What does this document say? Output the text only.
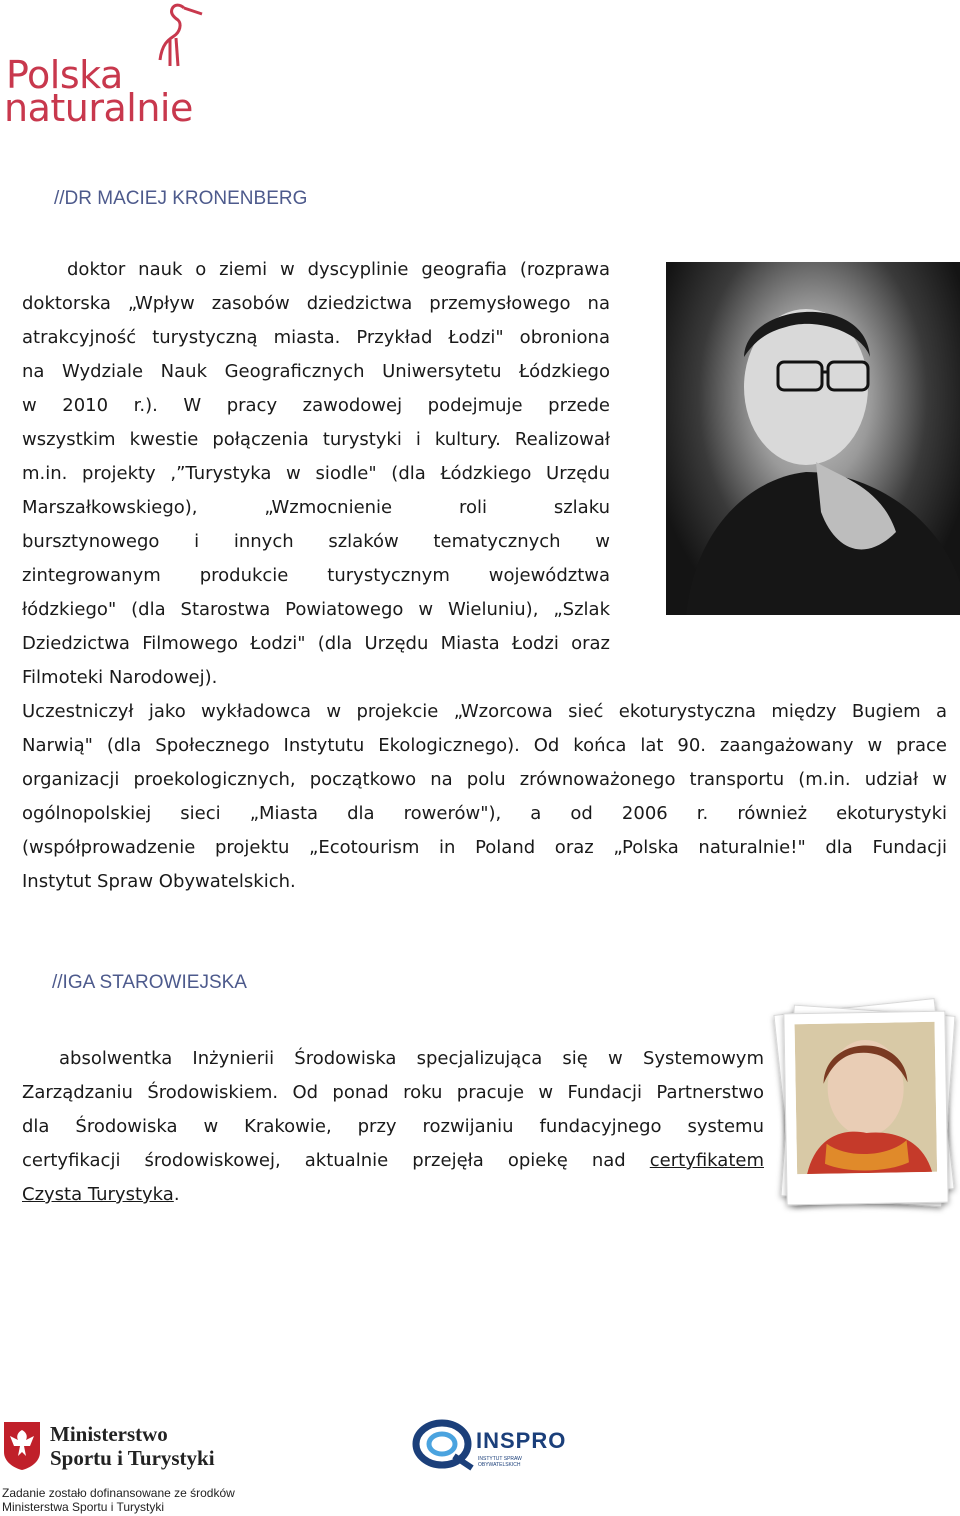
Polska
naturalnie
//DR MACIEJ KRONENBERG

doktor nauk o ziemi w dyscyplinie geografia (rozprawa
doktorska „Wpływ zasobów dziedzictwa przemysłowego na
atrakcyjność turystyczną miasta. Przykład Łodzi" obroniona
na Wydziale Nauk Geograficznych Uniwersytetu Łódzkiego
w 2010 r.). W pracy zawodowej podejmuje przede
wszystkim kwestie połączenia turystyki i kultury. Realizował
m.in. projekty ,”Turystyka w siodle" (dla Łódzkiego Urzędu
Marszałkowskiego), „Wzmocnienie roli szlaku
bursztynowego i innych szlaków tematycznych w
zintegrowanym produkcie turystycznym województwa
łódzkiego" (dla Starostwa Powiatowego w Wieluniu), „Szlak
Dziedzictwa Filmowego Łodzi" (dla Urzędu Miasta Łodzi oraz
Filmoteki Narodowej).

Uczestniczył jako wykładowca w projekcie „Wzorcowa sieć ekoturystyczna między Bugiem a
Narwią" (dla Społecznego Instytutu Ekologicznego). Od końca lat 90. zaangażowany w prace
organizacji proekologicznych, początkowo na polu zrównoważonego transportu (m.in. udział w
ogólnopolskiej sieci „Miasta dla rowerów"), a od 2006 r. również ekoturystyki
(współprowadzenie projektu „Ecotourism in Poland oraz „Polska naturalnie!" dla Fundacji
Instytut Spraw Obywatelskich.

//IGA STAROWIEJSKA

absolwentka Inżynierii Środowiska specjalizująca się w Systemowym
Zarządzaniu Środowiskiem. Od ponad roku pracuje w Fundacji Partnerstwo
dla Środowiska w Krakowie, przy rozwijaniu fundacyjnego systemu
certyfikacji środowiskowej, aktualnie przejęła opiekę nad certyfikatem
Czysta Turystyka.

Ministerstwo
Sportu i Turystyki
Zadanie zostało dofinansowane ze środków
Ministerstwa Sportu i Turystyki
INSPRO
INSTYTUT SPRAW OBYWATELSKICH
